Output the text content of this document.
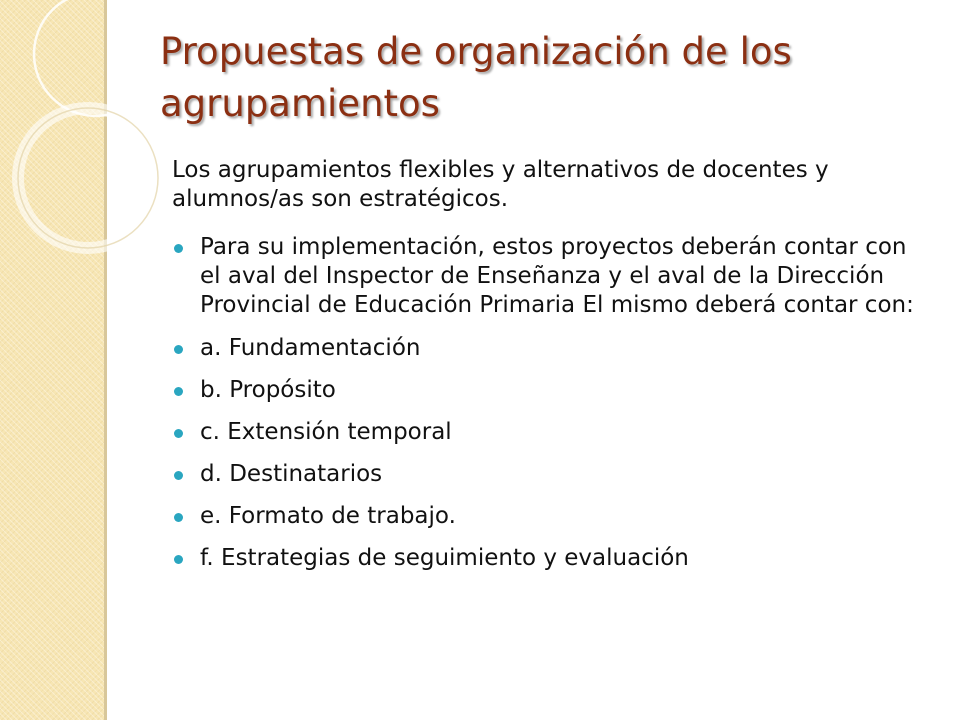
Propuestas de organización de los agrupamientos

Los agrupamientos flexibles y alternativos de docentes y alumnos/as son estratégicos.

Para su implementación, estos proyectos deberán contar con el aval del Inspector de Enseñanza y el aval de la Dirección Provincial de Educación Primaria El mismo deberá contar con:
a. Fundamentación
b. Propósito
c. Extensión temporal
d. Destinatarios
e. Formato de trabajo.
f. Estrategias de seguimiento y evaluación
